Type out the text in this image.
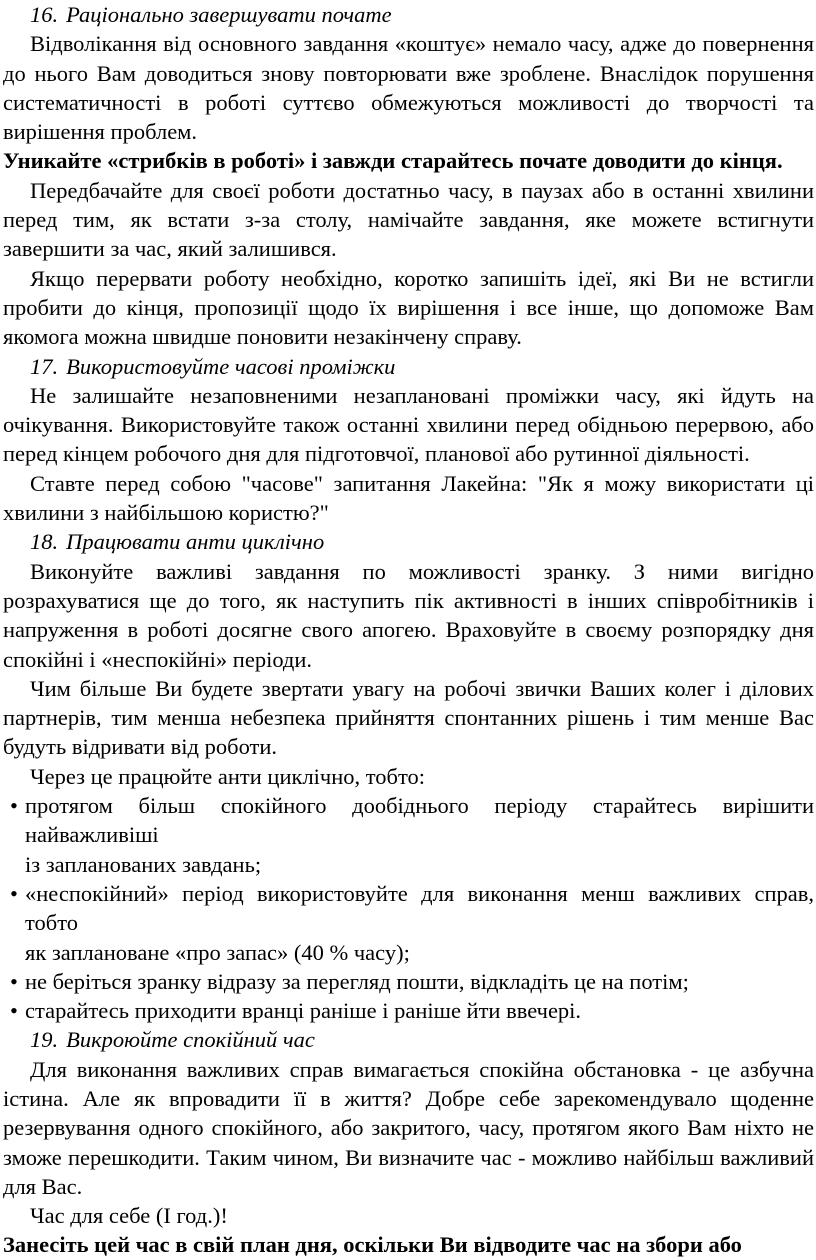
16. Раціонально завершувати почате

Відволікання від основного завдання «коштує» немало часу, адже до повернення до нього Вам доводиться знову повторювати вже зроблене. Внаслідок порушення систематичності в роботі суттєво обмежуються можливості до творчості та вирішення проблем.

Уникайте «стрибків в роботі» і завжди старайтесь почате доводити до кінця.

Передбачайте для своєї роботи достатньо часу, в паузах або в останні хвилини перед тим, як встати з-за столу, намічайте завдання, яке можете встигнути завершити за час, який залишився.

Якщо перервати роботу необхідно, коротко запишіть ідеї, які Ви не встигли пробити до кінця, пропозиції щодо їх вирішення і все інше, що допоможе Вам якомога можна швидше поновити незакінчену справу.

17. Використовуйте часові проміжки

Не залишайте незаповненими незаплановані проміжки часу, які йдуть на очікування. Використовуйте також останні хвилини перед обідньою перервою, або перед кінцем робочого дня для підготовчої, планової або рутинної діяльності.

Ставте перед собою "часове" запитання Лакейна: "Як я можу використати ці хвилини з найбільшою користю?"

18. Працювати анти циклічно

Виконуйте важливі завдання по можливості зранку. З ними вигідно розрахуватися ще до того, як наступить пік активності в інших співробітників і напруження в роботі досягне свого апогею. Враховуйте в своєму розпорядку дня спокійні і «неспокійні» періоди.

Чим більше Ви будете звертати увагу на робочі звички Ваших колег і ділових партнерів, тим менша небезпека прийняття спонтанних рішень і тим менше Вас будуть відривати від роботи.

Через це працюйте анти циклічно, тобто:

• протягом більш спокійного дообіднього періоду старайтесь вирішити найважливіші
із запланованих завдань;
• «неспокійний» період використовуйте для виконання менш важливих справ, тобто
як заплановане «про запас» (40 % часу);
• не беріться зранку відразу за перегляд пошти, відкладіть це на потім;
• старайтесь приходити вранці раніше і раніше йти ввечері.

19. Викроюйте спокійний час

Для виконання важливих справ вимагається спокійна обстановка - це азбучна істина. Але як впровадити її в життя? Добре себе зарекомендувало щоденне резервування одного спокійного, або закритого, часу, протягом якого Вам ніхто не зможе перешкодити. Таким чином, Ви визначите час - можливо найбільш важливий для Вас.

Час для себе (І год.)!

Занесіть цей час в свій план дня, оскільки Ви відводите час на збори або
